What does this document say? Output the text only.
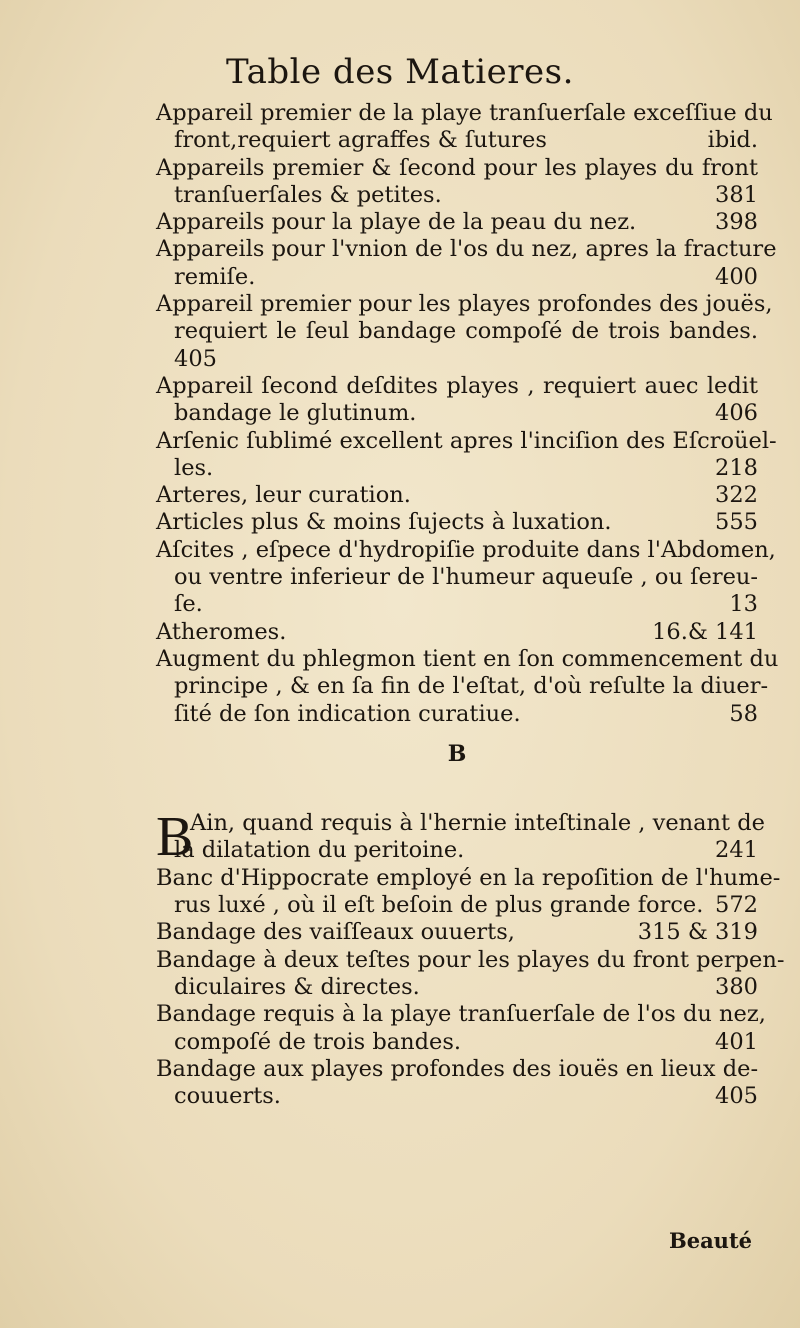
Table des Matieres.
Appareil premier de la playe tranſuerſale exceſſiue du
front,requiert agraffes & ſutures	ibid.
Appareils premier & ſecond pour les playes du front
tranſuerſales & petites.	381
Appareils pour la playe de la peau du nez.	398
Appareils pour l'vnion de l'os du nez, apres la fracture
remiſe.	400
Appareil premier pour les playes profondes des jouës,
requiert le ſeul bandage compoſé de trois bandes.
405
Appareil ſecond deſdites playes , requiert auec ledit
bandage le glutinum.	406
Arſenic ſublimé excellent apres l'inciſion des Eſcroüel-
les.	218
Arteres, leur curation.	322
Articles plus & moins ſujects à luxation.	555
Aſcites , eſpece d'hydropiſie produite dans l'Abdomen,
ou ventre inferieur de l'humeur aqueuſe , ou ſereu-
ſe.	13
Atheromes.	16.& 141
Augment du phlegmon tient en ſon commencement du
principe , & en ſa fin de l'eſtat, d'où reſulte la diuer-
ſité de ſon indication curatiue.	58
B
B
Ain, quand requis à l'hernie inteſtinale , venant de
la dilatation du peritoine.	241
Banc d'Hippocrate employé en la repoſition de l'hume-
rus luxé , où il eſt beſoin de plus grande force. 572
Bandage des vaiſſeaux ouuerts,	315 & 319
Bandage à deux teſtes pour les playes du front perpen-
diculaires & directes.	380
Bandage requis à la playe tranſuerſale de l'os du nez,
compoſé de trois bandes.	401
Bandage aux playes profondes des iouës en lieux de-
couuerts.	405
Beauté
